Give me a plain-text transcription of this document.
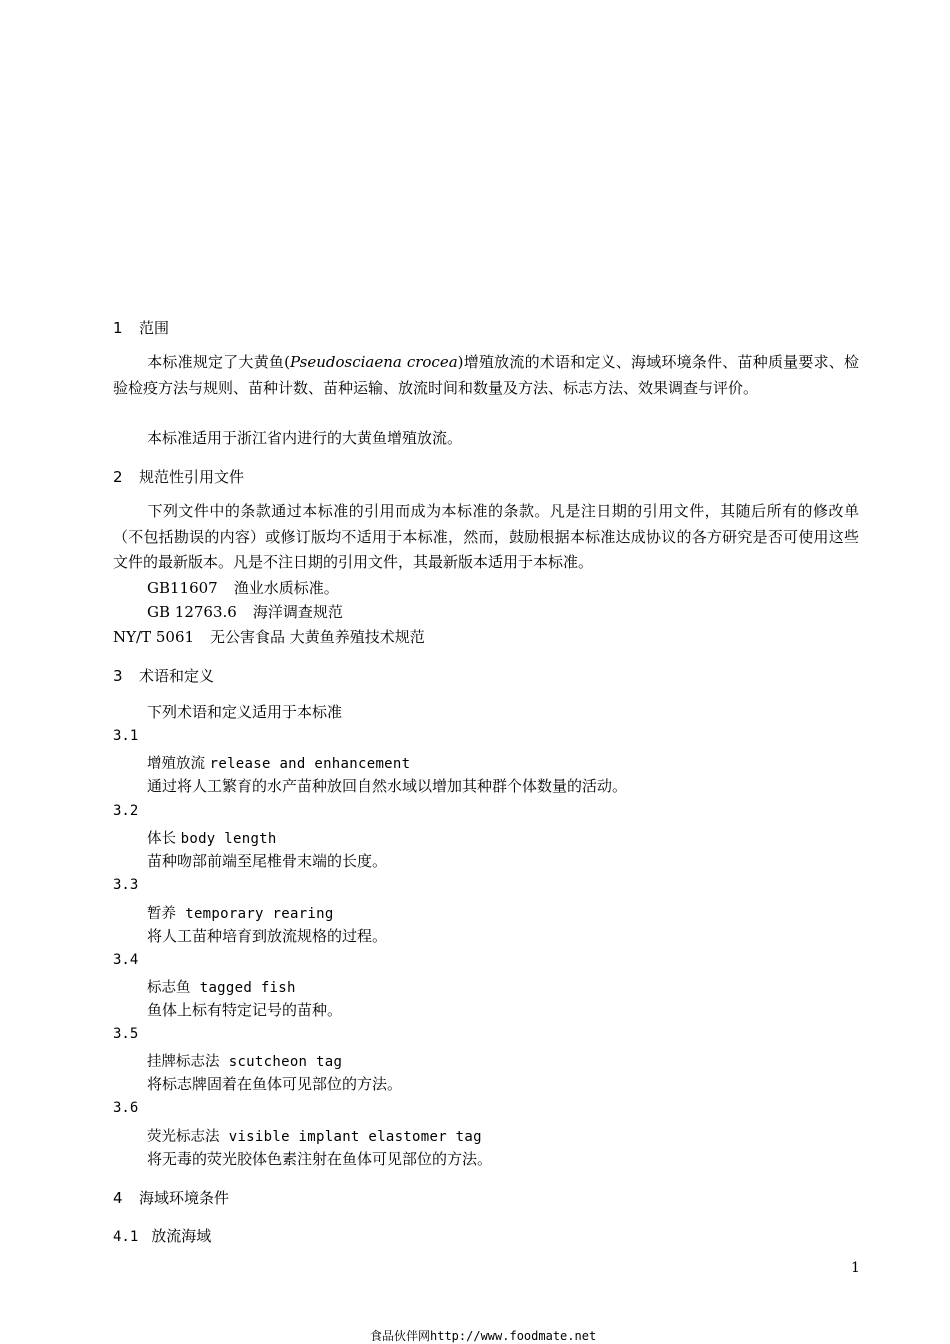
1 范围
本标准规定了大黄鱼(Pseudosciaena crocea)增殖放流的术语和定义、海域环境条件、苗种质量要求、检验检疫方法与规则、苗种计数、苗种运输、放流时间和数量及方法、标志方法、效果调查与评价。
本标准适用于浙江省内进行的大黄鱼增殖放流。
2 规范性引用文件
下列文件中的条款通过本标准的引用而成为本标准的条款。凡是注日期的引用文件，其随后所有的修改单（不包括勘误的内容）或修订版均不适用于本标准，然而，鼓励根据本标准达成协议的各方研究是否可使用这些文件的最新版本。凡是不注日期的引用文件，其最新版本适用于本标准。
GB11607 渔业水质标准。
GB 12763.6 海洋调查规范
NY/T 5061 无公害食品 大黄鱼养殖技术规范
3 术语和定义
下列术语和定义适用于本标准
3.1
增殖放流 release and enhancement
通过将人工繁育的水产苗种放回自然水域以增加其种群个体数量的活动。
3.2
体长 body length
苗种吻部前端至尾椎骨末端的长度。
3.3
暂养 temporary rearing
将人工苗种培育到放流规格的过程。
3.4
标志鱼 tagged fish
鱼体上标有特定记号的苗种。
3.5
挂牌标志法 scutcheon tag
将标志牌固着在鱼体可见部位的方法。
3.6
荧光标志法 visible implant elastomer tag
将无毒的荧光胶体色素注射在鱼体可见部位的方法。
4 海域环境条件
4.1 放流海域
1
食品伙伴网http://www.foodmate.net
